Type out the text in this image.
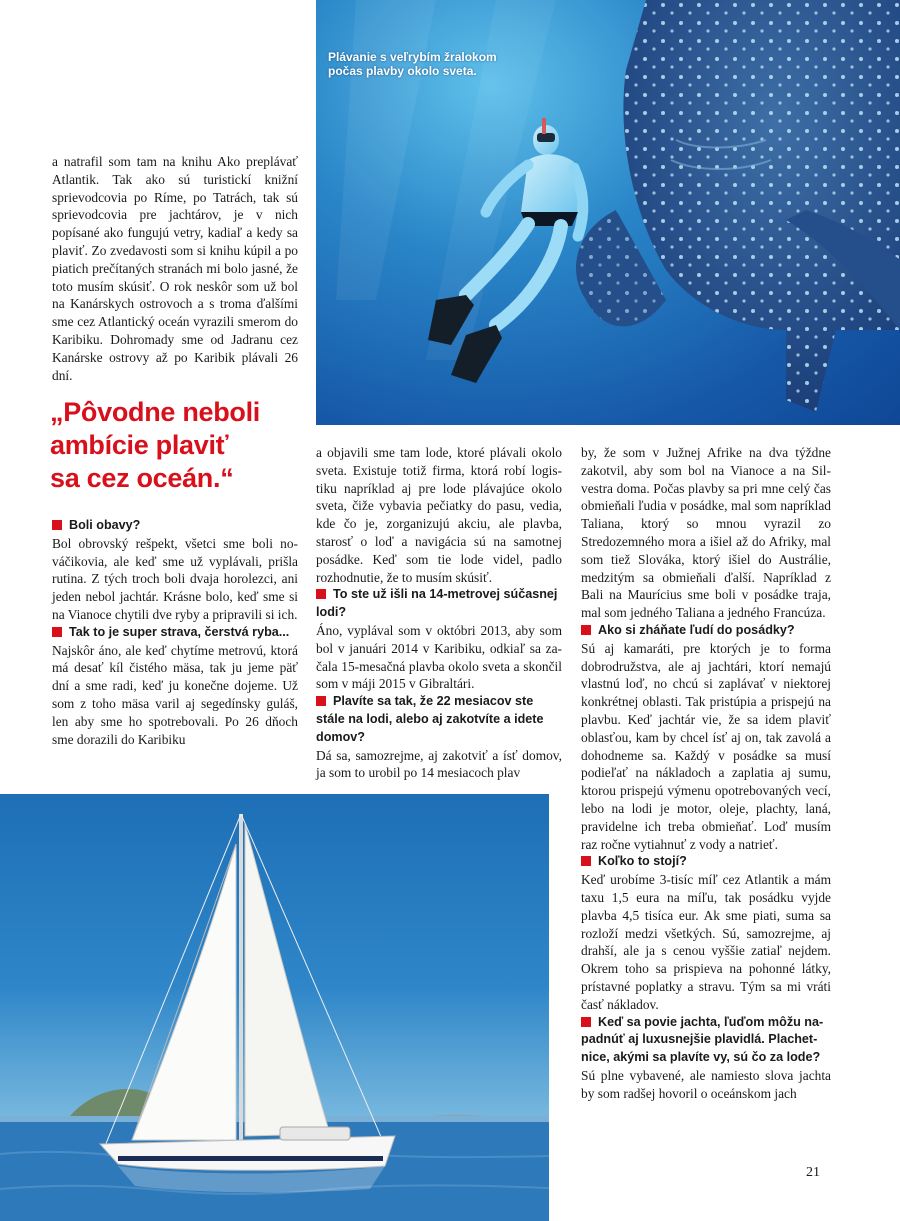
Plávanie s veľrybím žralokom
počas plavby okolo sveta.

a natrafil som tam na knihu Ako preplávať Atlantik. Tak ako sú turistickí knižní sprievodcovia po Ríme, po Tatrách, tak sú sprievodcovia pre jachtárov, je v nich popísané ako fungujú vetry, kadiaľ a kedy sa plaviť. Zo zvedavosti som si knihu kúpil a po piatich prečítaných stranách mi bolo jasné, že toto musím skúsiť. O rok neskôr som už bol na Kanárskych ostrovoch a s troma ďalšími sme cez Atlantický oceán vyrazili smerom do Karibiku. Dohromady sme od Jadranu cez Kanárske ostrovy až po Karibik plávali 26 dní.

„Pôvodne neboli
ambície plaviť
sa cez oceán.“
Boli obavy?

Bol obrovský rešpekt, všetci sme boli nováčikovia, ale keď sme už vyplávali, prišla rutina. Z tých troch boli dvaja horolezci, ani jeden nebol jachtár. Krásne bolo, keď sme si na Vianoce chytili dve ryby a pripravili si ich.

Tak to je super strava, čerstvá ryba...

Najskôr áno, ale keď chytíme metrovú, ktorá má desať kíl čistého mäsa, tak ju jeme päť dní a sme radi, keď ju konečne dojeme. Už som z toho mäsa varil aj segedínsky guláš, len aby sme ho spotrebovali. Po 26 dňoch sme dorazili do Karibiku

a objavili sme tam lode, ktoré plávali okolo sveta. Existuje totiž firma, ktorá robí logistiku napríklad aj pre lode plávajúce okolo sveta, čiže vybavia pečiatky do pasu, vedia, kde čo je, zorganizujú akciu, ale plavba, starosť o loď a navigácia sú na samotnej posádke. Keď som tie lode videl, padlo rozhodnutie, že to musím skúsiť.

To ste už išli na 14-metrovej súčasnej lodi?

Áno, vyplával som v októbri 2013, aby som bol v januári 2014 v Karibiku, odkiaľ sa začala 15-mesačná plavba okolo sveta a skončil som v máji 2015 v Gibraltári.

Plavíte sa tak, že 22 mesiacov ste stále na lodi, alebo aj zakotvíte a idete domov?

Dá sa, samozrejme, aj zakotviť a ísť domov, ja som to urobil po 14 mesiacoch plav

by, že som v Južnej Afrike na dva týždne zakotvil, aby som bol na Vianoce a na Silvestra doma. Počas plavby sa pri mne celý čas obmieňali ľudia v posádke, mal som napríklad Taliana, ktorý so mnou vyrazil zo Stredozemného mora a išiel až do Afriky, mal som tiež Slováka, ktorý išiel do Austrálie, medzitým sa obmieňali ďalší. Napríklad z Bali na Maurícius sme boli v posádke traja, mal som jedného Taliana a jedného Francúza.

Ako si zháňate ľudí do posádky?

Sú aj kamaráti, pre ktorých je to forma dobrodružstva, ale aj jachtári, ktorí nemajú vlastnú loď, no chcú si zaplávať v niektorej konkrétnej oblasti. Tak pristúpia a prispejú na plavbu. Keď jachtár vie, že sa idem plaviť oblasťou, kam by chcel ísť aj on, tak zavolá a dohodneme sa. Každý v posádke sa musí podieľať na nákladoch a zaplatia aj sumu, ktorou prispejú výmenu opotrebovaných vecí, lebo na lodi je motor, oleje, plachty, laná, pravidelne ich treba obmieňať. Loď musím raz ročne vytiahnuť z vody a natrieť.

Koľko to stojí?

Keď urobíme 3-tisíc míľ cez Atlantik a mám taxu 1,5 eura na míľu, tak posádku vyjde plavba 4,5 tisíca eur. Ak sme piati, suma sa rozloží medzi všetkých. Sú, samozrejme, aj drahší, ale ja s cenou vyššie zatiaľ nejdem. Okrem toho sa prispieva na pohonné látky, prístavné poplatky a stravu. Tým sa mi vráti časť nákladov.

Keď sa povie jachta, ľuďom môžu napadnúť aj luxusnejšie plavidlá. Plachetnice, akými sa plavíte vy, sú čo za lode?

Sú plne vybavené, ale namiesto slova jachta by som radšej hovoril o oceánskom jach

21
